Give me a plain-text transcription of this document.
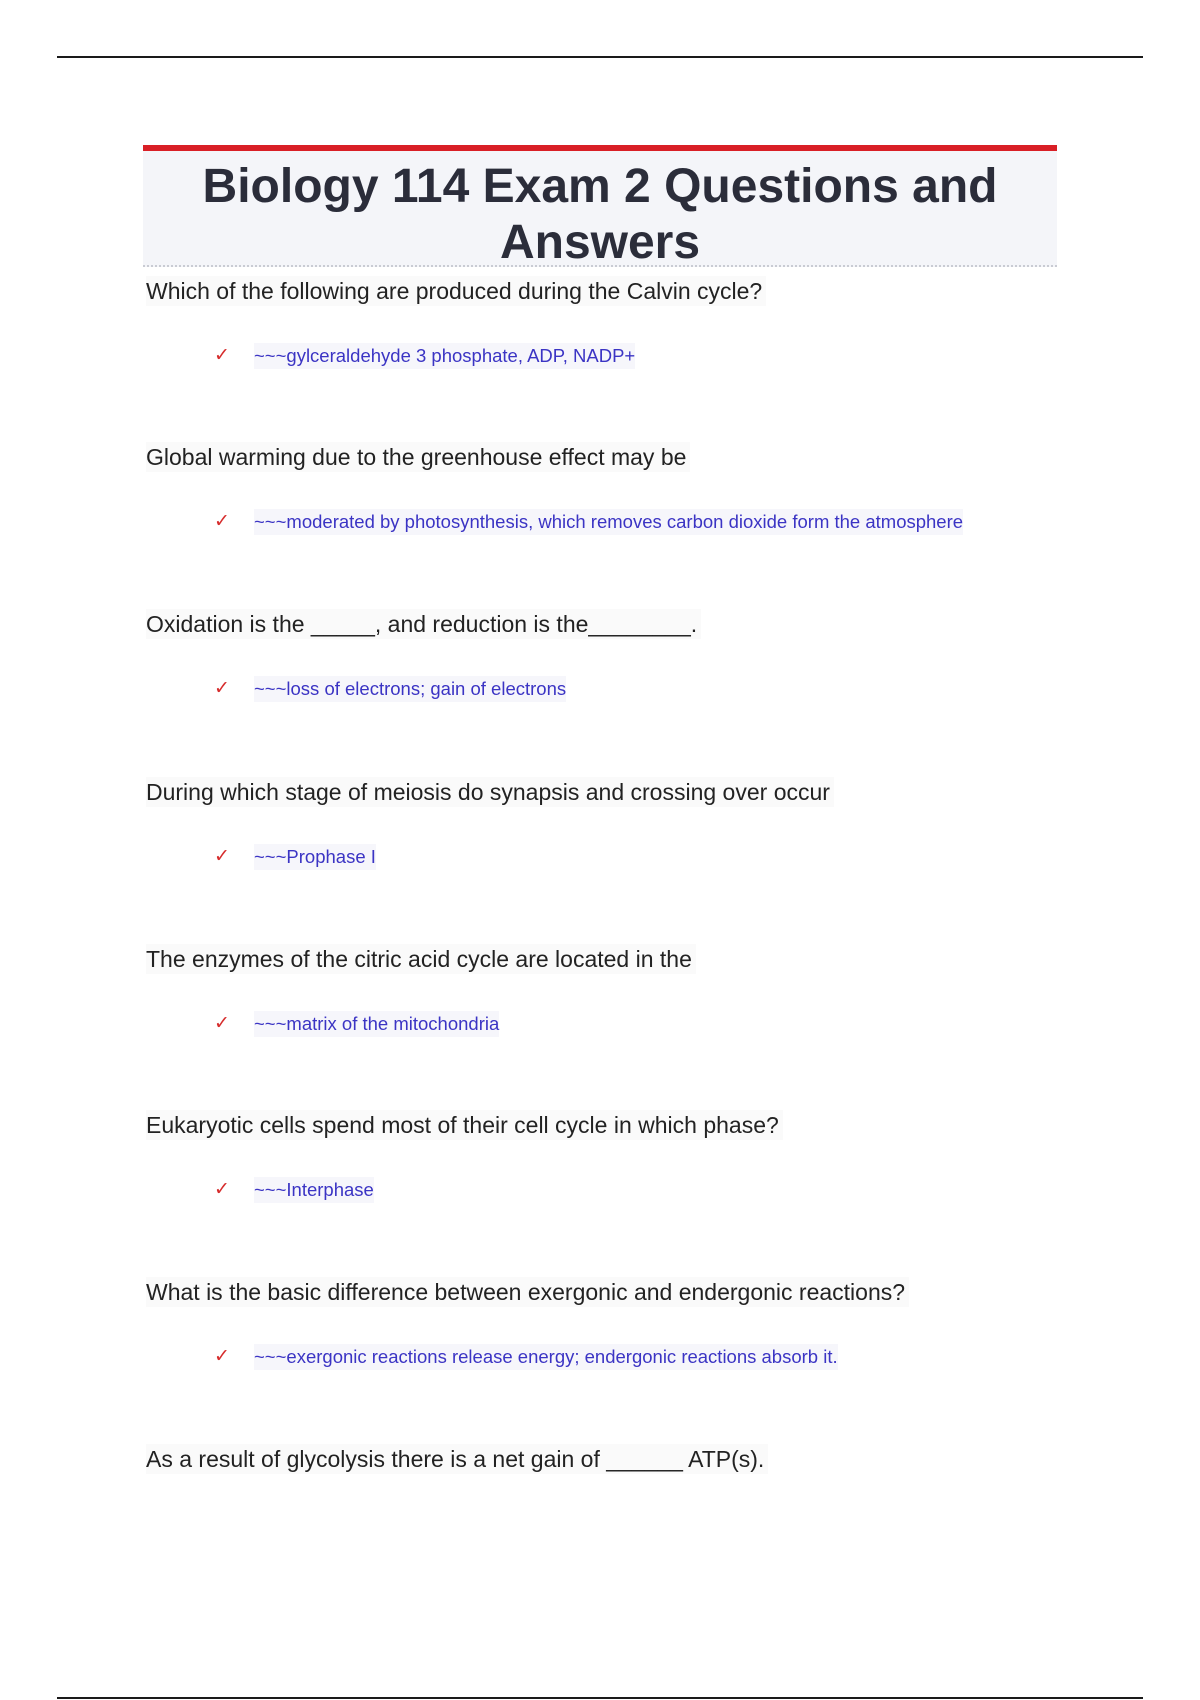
Biology 114 Exam 2 Questions and Answers
Which of the following are produced during the Calvin cycle?
✓	~~~gylceraldehyde 3 phosphate, ADP, NADP+
Global warming due to the greenhouse effect may be
✓	~~~moderated by photosynthesis, which removes carbon dioxide form the atmosphere
Oxidation is the _____, and reduction is the________.
✓	~~~loss of electrons; gain of electrons
During which stage of meiosis do synapsis and crossing over occur
✓	~~~Prophase I
The enzymes of the citric acid cycle are located in the
✓	~~~matrix of the mitochondria
Eukaryotic cells spend most of their cell cycle in which phase?
✓	~~~Interphase
What is the basic difference between exergonic and endergonic reactions?
✓	~~~exergonic reactions release energy; endergonic reactions absorb it.
As a result of glycolysis there is a net gain of ______ ATP(s).
